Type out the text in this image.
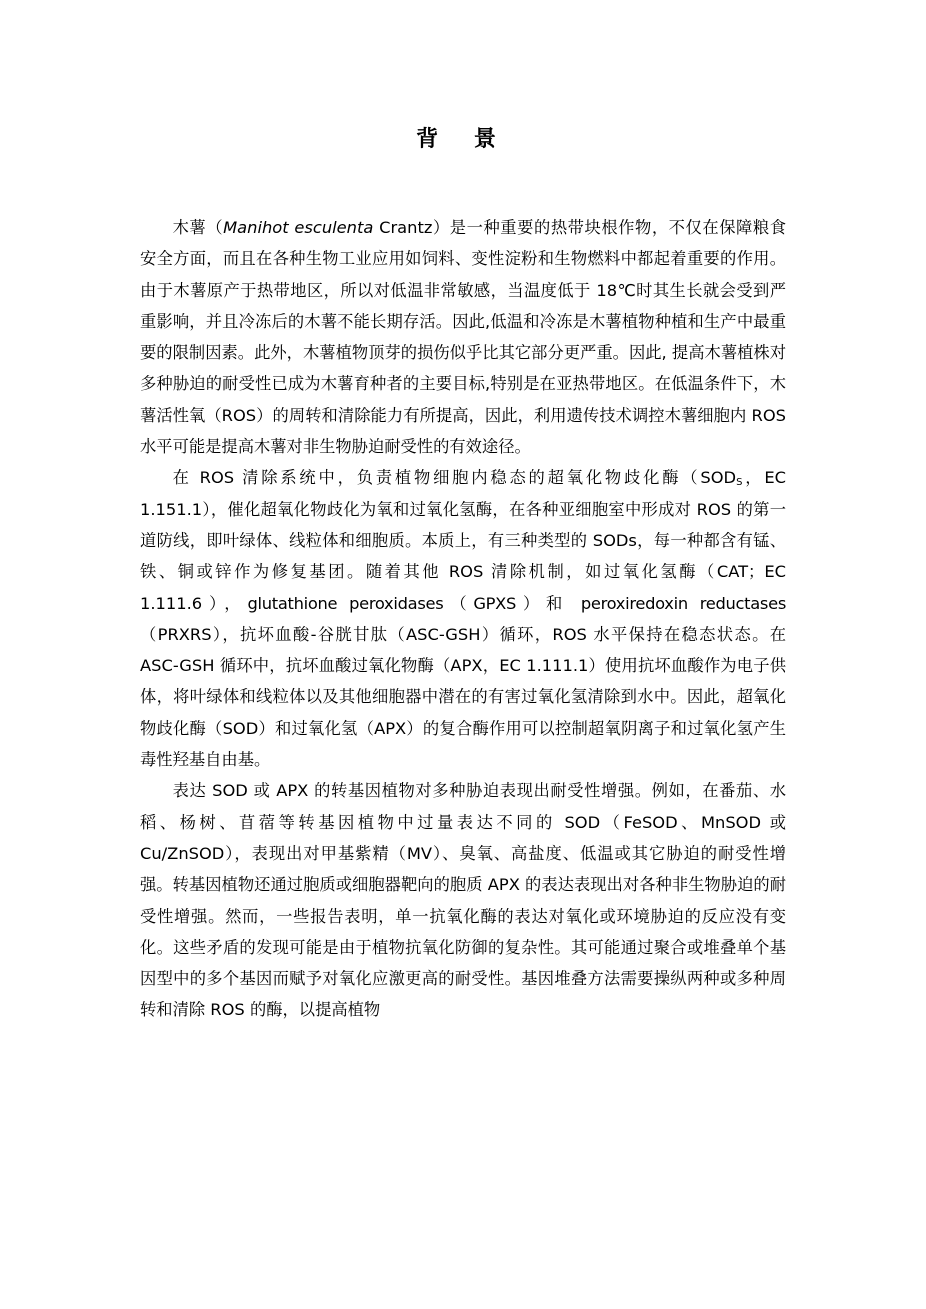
背 景

木薯（Manihot esculenta Crantz）是一种重要的热带块根作物，不仅在保障粮食安全方面，而且在各种生物工业应用如饲料、变性淀粉和生物燃料中都起着重要的作用。由于木薯原产于热带地区，所以对低温非常敏感，当温度低于 18℃时其生长就会受到严重影响，并且冷冻后的木薯不能长期存活。因此,低温和冷冻是木薯植物种植和生产中最重要的限制因素。此外，木薯植物顶芽的损伤似乎比其它部分更严重。因此, 提高木薯植株对多种胁迫的耐受性已成为木薯育种者的主要目标,特别是在亚热带地区。在低温条件下，木薯活性氧（ROS）的周转和清除能力有所提高，因此，利用遗传技术调控木薯细胞内 ROS 水平可能是提高木薯对非生物胁迫耐受性的有效途径。

在 ROS 清除系统中，负责植物细胞内稳态的超氧化物歧化酶（$SOD_S$，EC 1.151.1），催化超氧化物歧化为氧和过氧化氢酶，在各种亚细胞室中形成对 ROS 的第一道防线，即叶绿体、线粒体和细胞质。本质上，有三种类型的 SODs，每一种都含有锰、铁、铜或锌作为修复基团。随着其他 ROS 清除机制，如过氧化氢酶（CAT；EC 1.111.6），glutathione peroxidases（GPXS）和 peroxiredoxin reductases（PRXRS），抗坏血酸-谷胱甘肽（ASC-GSH）循环，ROS 水平保持在稳态状态。在 ASC-GSH 循环中，抗坏血酸过氧化物酶（APX，EC 1.111.1）使用抗坏血酸作为电子供体，将叶绿体和线粒体以及其他细胞器中潜在的有害过氧化氢清除到水中。因此，超氧化物歧化酶（SOD）和过氧化氢（APX）的复合酶作用可以控制超氧阴离子和过氧化氢产生毒性羟基自由基。

表达 SOD 或 APX 的转基因植物对多种胁迫表现出耐受性增强。例如，在番茄、水稻、杨树、苜蓿等转基因植物中过量表达不同的 SOD（FeSOD、MnSOD 或 Cu/ZnSOD），表现出对甲基紫精（MV）、臭氧、高盐度、低温或其它胁迫的耐受性增强。转基因植物还通过胞质或细胞器靶向的胞质 APX 的表达表现出对各种非生物胁迫的耐受性增强。然而，一些报告表明，单一抗氧化酶的表达对氧化或环境胁迫的反应没有变化。这些矛盾的发现可能是由于植物抗氧化防御的复杂性。其可能通过聚合或堆叠单个基因型中的多个基因而赋予对氧化应激更高的耐受性。基因堆叠方法需要操纵两种或多种周转和清除 ROS 的酶，以提高植物
